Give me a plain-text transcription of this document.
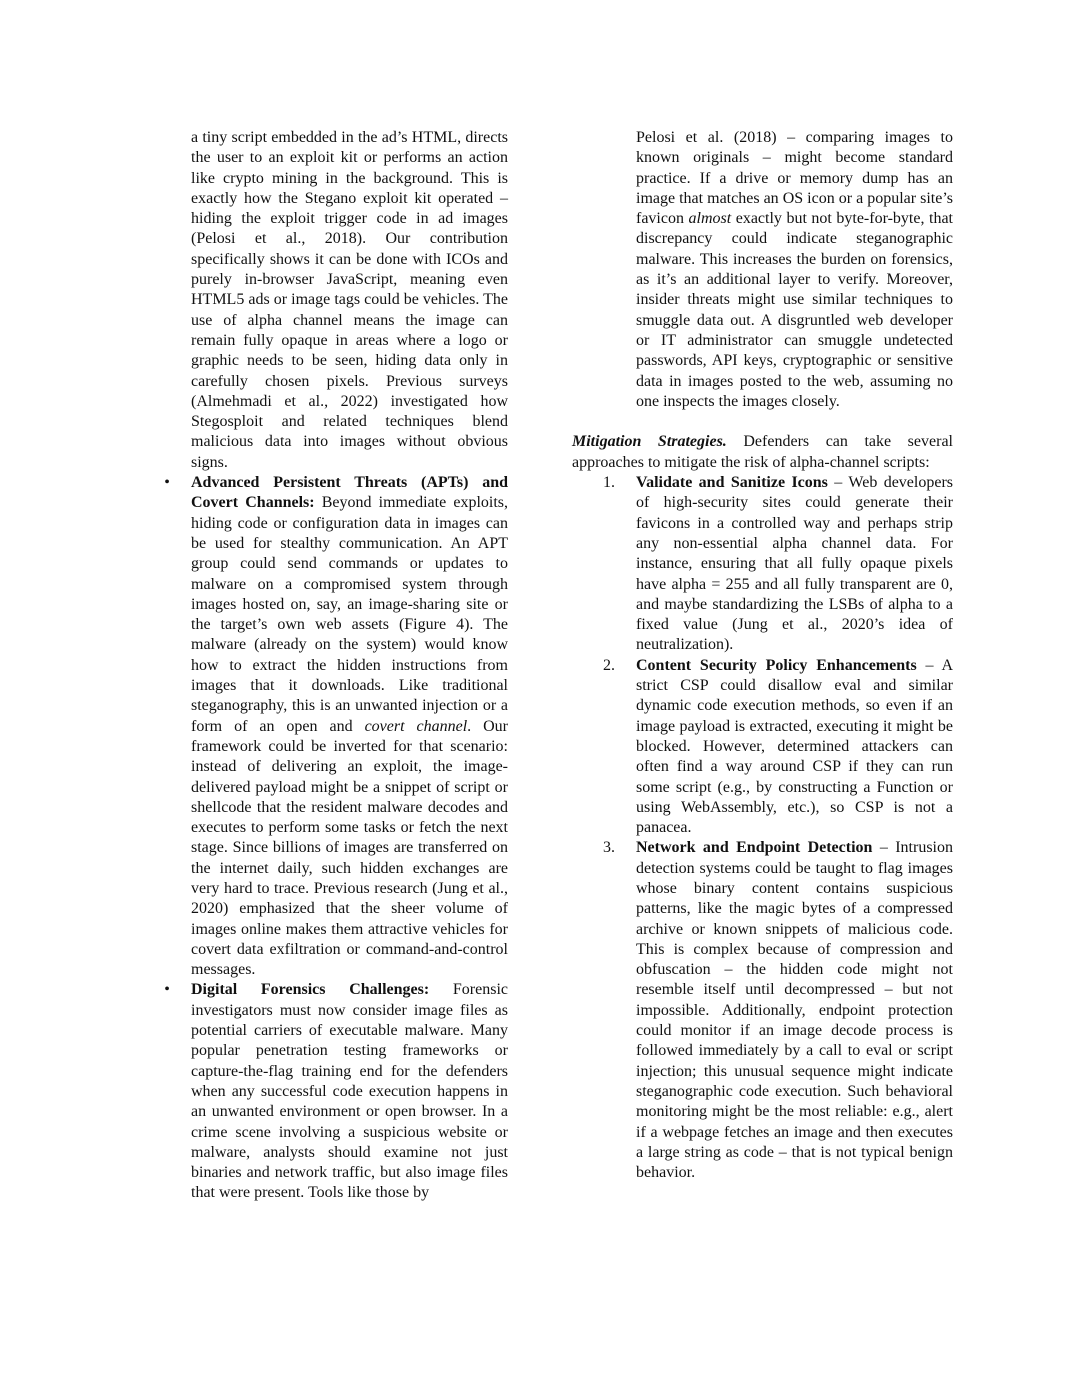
a tiny script embedded in the ad’s HTML, directs the user to an exploit kit or performs an action like crypto mining in the background. This is exactly how the Stegano exploit kit operated – hiding the exploit trigger code in ad images (Pelosi et al., 2018). Our contribution specifically shows it can be done with ICOs and purely in-browser JavaScript, meaning even HTML5 ads or image tags could be vehicles. The use of alpha channel means the image can remain fully opaque in areas where a logo or graphic needs to be seen, hiding data only in carefully chosen pixels. Previous surveys (Almehmadi et al., 2022) investigated how Stegosploit and related techniques blend malicious data into images without obvious signs.

• Advanced Persistent Threats (APTs) and Covert Channels: Beyond immediate exploits, hiding code or configuration data in images can be used for stealthy communication. An APT group could send commands or updates to malware on a compromised system through images hosted on, say, an image-sharing site or the target’s own web assets (Figure 4). The malware (already on the system) would know how to extract the hidden instructions from images that it downloads. Like traditional steganography, this is an unwanted injection or a form of an open and covert channel. Our framework could be inverted for that scenario: instead of delivering an exploit, the image-delivered payload might be a snippet of script or shellcode that the resident malware decodes and executes to perform some tasks or fetch the next stage. Since billions of images are transferred on the internet daily, such hidden exchanges are very hard to trace. Previous research (Jung et al., 2020) emphasized that the sheer volume of images online makes them attractive vehicles for covert data exfiltration or command-and-control messages.
• Digital Forensics Challenges: Forensic investigators must now consider image files as potential carriers of executable malware. Many popular penetration testing frameworks or capture-the-flag training end for the defenders when any successful code execution happens in an unwanted environment or open browser. In a crime scene involving a suspicious website or malware, analysts should examine not just binaries and network traffic, but also image files that were present. Tools like those by

Pelosi et al. (2018) – comparing images to known originals – might become standard practice. If a drive or memory dump has an image that matches an OS icon or a popular site’s favicon almost exactly but not byte-for-byte, that discrepancy could indicate steganographic malware. This increases the burden on forensics, as it’s an additional layer to verify. Moreover, insider threats might use similar techniques to smuggle data out. A disgruntled web developer or IT administrator can smuggle undetected passwords, API keys, cryptographic or sensitive data in images posted to the web, assuming no one inspects the images closely.

Mitigation Strategies. Defenders can take several approaches to mitigate the risk of alpha-channel scripts:

1. Validate and Sanitize Icons – Web developers of high-security sites could generate their favicons in a controlled way and perhaps strip any non-essential alpha channel data. For instance, ensuring that all fully opaque pixels have alpha = 255 and all fully transparent are 0, and maybe standardizing the LSBs of alpha to a fixed value (Jung et al., 2020’s idea of neutralization).
2. Content Security Policy Enhancements – A strict CSP could disallow eval and similar dynamic code execution methods, so even if an image payload is extracted, executing it might be blocked. However, determined attackers can often find a way around CSP if they can run some script (e.g., by constructing a Function or using WebAssembly, etc.), so CSP is not a panacea.
3. Network and Endpoint Detection – Intrusion detection systems could be taught to flag images whose binary content contains suspicious patterns, like the magic bytes of a compressed archive or known snippets of malicious code. This is complex because of compression and obfuscation – the hidden code might not resemble itself until decompressed – but not impossible. Additionally, endpoint protection could monitor if an image decode process is followed immediately by a call to eval or script injection; this unusual sequence might indicate steganographic code execution. Such behavioral monitoring might be the most reliable: e.g., alert if a webpage fetches an image and then executes a large string as code – that is not typical benign behavior.
